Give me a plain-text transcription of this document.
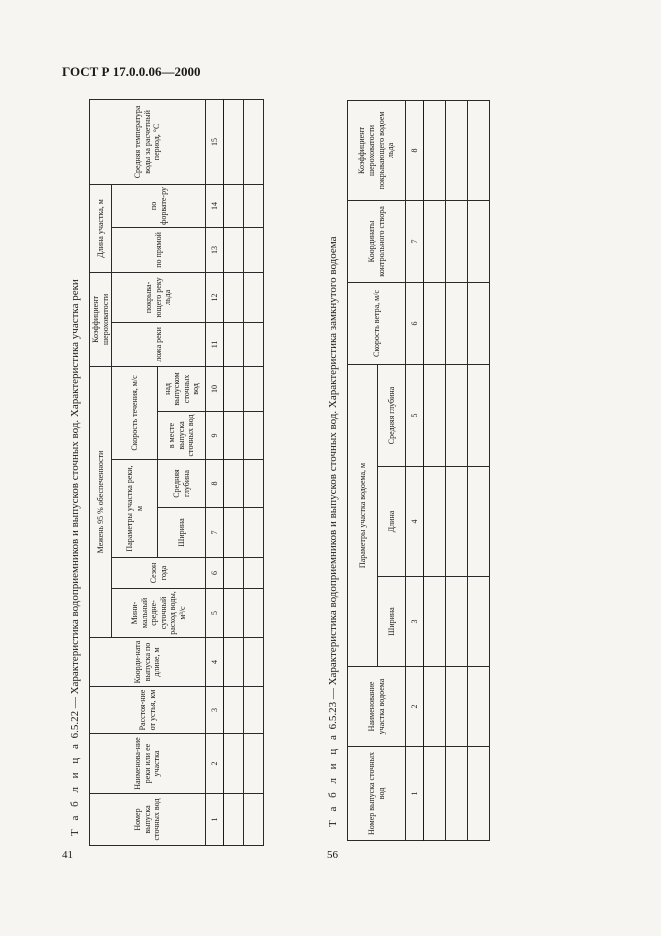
ГОСТ Р 17.0.0.06—2000
Т а б л и ц а 6.5.22 — Характеристика водоприемников и выпусков сточных вод. Характеристика участка реки
Номер выпуска сточных вод	Наименова-ние реки или ее участка	Расстоя-ние от устья, км	Коорди-ната выпуска по длине, м	Межень 95 % обеспеченности						Коэффициент шероховатости		Длина участка, м		Средняя температура воды за расчетный период, °С
				Мини-мальный средне-суточный расход воды, м³/с	Сезон года	Параметры участка реки, м		Скорость течения, м/с		ложа реки	покрыва-ющего реку льда	по прямой	по форвате-ру	
						Ширина	Средняя глубина	в месте выпуска сточных вод	над выпуском сточных вод					
1	2	3	4	5	6	7	8	9	10	11	12	13	14	15

41
Т а б л и ц а 6.5.23 — Характеристика водоприемников и выпусков сточных вод. Характеристика замкнутого водоема
Номер выпуска сточных вод	Наименование участка водоема	Параметры участка водоема, м			Скорость ветра, м/с	Координаты контрольного створа	Коэффициент шероховатости покрывающего водоем льда
		Ширина	Длина	Средняя глубина			
1	2	3	4	5	6	7	8

56
